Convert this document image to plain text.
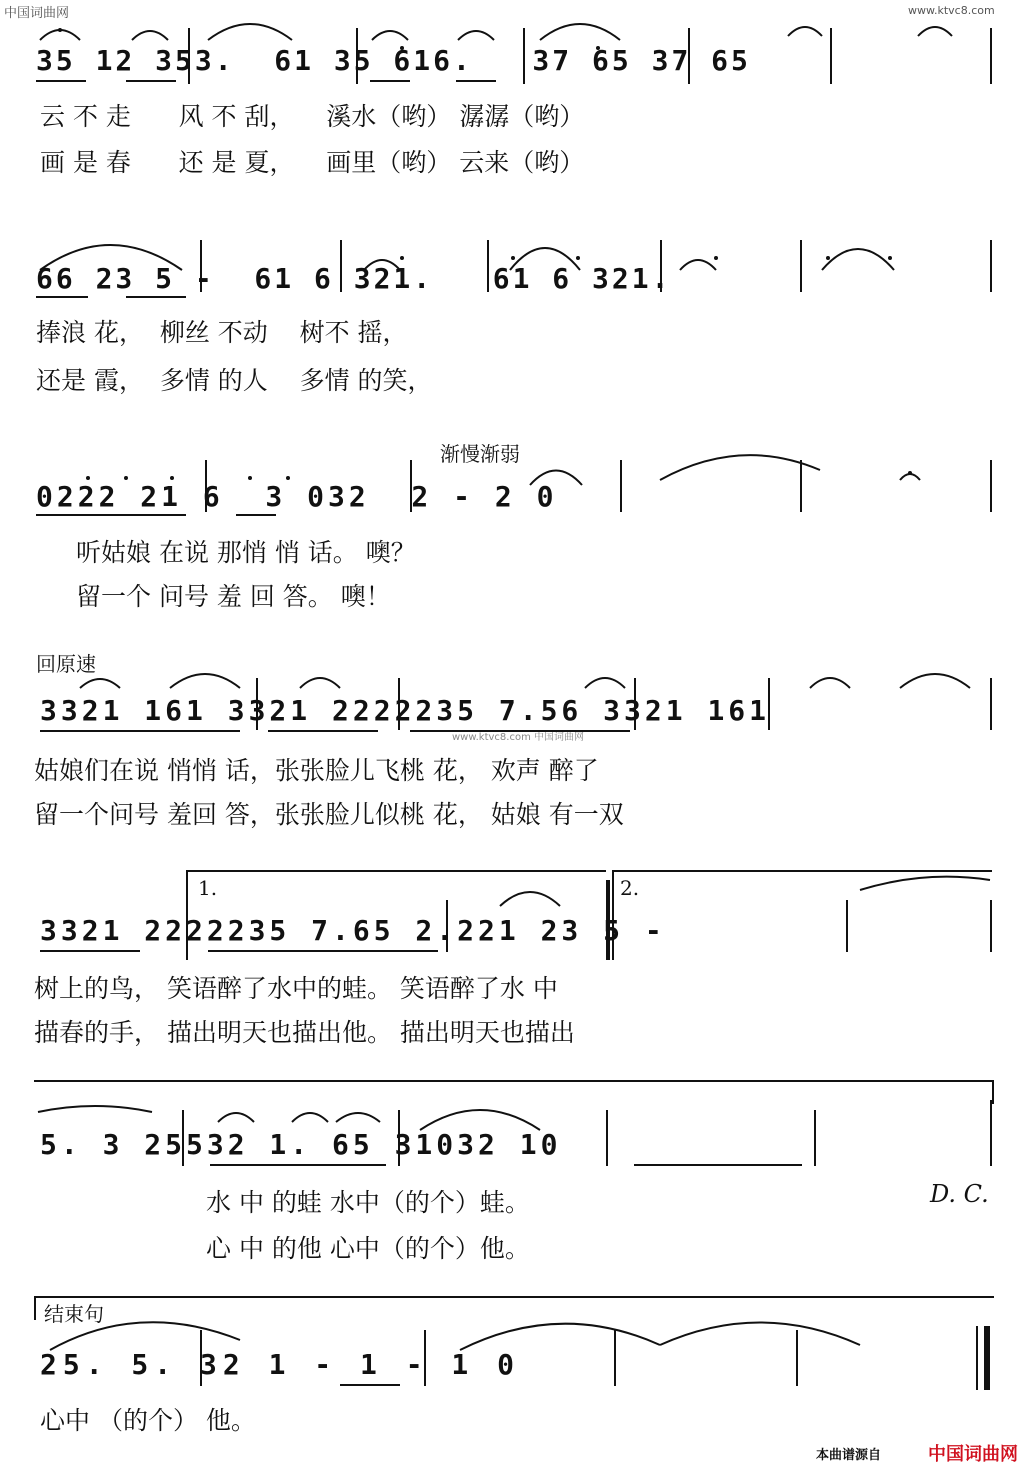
中国词曲网	www.ktvc8.com
www.ktvc8.com 中国词曲网
35 12 353.  61 35 616.   37 65 37 65
云 不 走      风 不 刮，    溪水（哟） 潺潺（哟）
画 是 春      还 是 夏，    画里（哟） 云来（哟）
66 23 5 -  61 6 321.   61 6 321.
捧浪 花，  柳丝 不动    树不 摇，
还是 霞，  多情 的人    多情 的笑，
渐慢渐弱
0222 21 6  3 032  2 - 2 0
听姑娘 在说 那悄 悄 话。 噢？
留一个 问号 羞 回 答。 噢！
回原速
3321 161 3321 2222235 7.56 3321 161
姑娘们在说 悄悄 话，张张脸儿飞桃 花， 欢声 醉了
留一个问号 羞回 答，张张脸儿似桃 花， 姑娘 有一双
1.	2.
3321 2222235 7.65 2.221 23 5 -
树上的鸟， 笑语醉了水中的蛙。 笑语醉了水 中
描春的手， 描出明天也描出他。 描出明天也描出
5. 3 25532 1. 65 31032 10
水 中 的蛙 水中（的个）蛙。
心 中 的他 心中（的个）他。
D. C.
结束句
25. 5. 32 1 - 1 - 1 0
心中 （的个） 他。
本曲谱源自	中国词曲网
